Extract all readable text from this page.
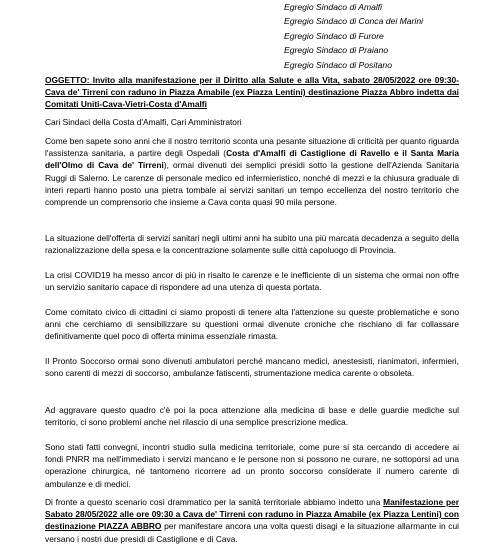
Egregio Sindaco di Amalfi
Egregio Sindaco di Conca dei Marini
Egregio Sindaco di Furore
Egregio Sindaco di Praiano
Egregio Sindaco di Positano
OGGETTO: Invito alla manifestazione per il Diritto alla Salute e alla Vita, sabato 28/05/2022 ore 09:30- Cava de' Tirreni con raduno in Piazza Amabile (ex Piazza Lentini) destinazione Piazza Abbro indetta dai Comitati Uniti-Cava-Vietri-Costa d'Amalfi
Cari Sindaci della Costa d'Amalfi, Cari Amministratori
Come ben sapete sono anni che il nostro territorio sconta una pesante situazione di criticità per quanto riguarda l'assistenza sanitaria, a partire degli Ospedali (Costa d'Amalfi di Castiglione di Ravello e il Santa Maria dell'Olmo di Cava de' Tirreni), ormai divenuti dei semplici presidi sotto la gestione dell'Azienda Sanitaria Ruggi di Salerno. Le carenze di personale medico ed infermieristico, nonché di mezzi e la chiusura graduale di interi reparti hanno posto una pietra tombale ai servizi sanitari un tempo eccellenza del nostro territorio che comprende un comprensorio che insieme a Cava conta quasi 90 mila persone.
La situazione dell'offerta di servizi sanitari negli ultimi anni ha subito una più marcata decadenza a seguito della razionalizzazione della spesa e la concentrazione solamente sulle città capoluogo di Provincia.
La crisi COVID19 ha messo ancor di più in risalto le carenze e le inefficiente di un sistema che ormai non offre un servizio sanitario capace di rispondere ad una utenza di questa portata.
Come comitato civico di cittadini ci siamo proposti di tenere alta l'attenzione su queste problematiche e sono anni che cerchiamo di sensibilizzare su questioni ormai divenute croniche che rischiano di far collassare definitivamente quel poco di offerta minima essenziale rimasta.
Il Pronto Soccorso ormai sono divenuti ambulatori perché mancano medici, anestesisti, rianimatori, infermieri, sono carenti di mezzi di soccorso, ambulanze fatiscenti, strumentazione medica carente o obsoleta.
Ad aggravare questo quadro c'è poi la poca attenzione alla medicina di base e delle guardie mediche sul territorio, ci sono problemi anche nel rilascio di una semplice prescrizione medica.
Sono stati fatti convegni, incontri studio sulla medicina territoriale, come pure si sta cercando di accedere ai fondi PNRR ma nell'immediato i servizi mancano e le persone non si possono ne curare, ne sottoporsi ad una operazione chirurgica, né tantomeno ricorrere ad un pronto soccorso considerate il numero carente di ambulanze e di medici.
Di fronte a questo scenario così drammatico per la sanità territoriale abbiamo indetto una Manifestazione per Sabato 28/05/2022 alle ore 09:30 a Cava de' Tirreni con raduno in Piazza Amabile (ex Piazza Lentini) con destinazione PIAZZA ABBRO per manifestare ancora una volta questi disagi e la situazione allarmante in cui versano i nostri due presidi di Castiglione e di Cava.
